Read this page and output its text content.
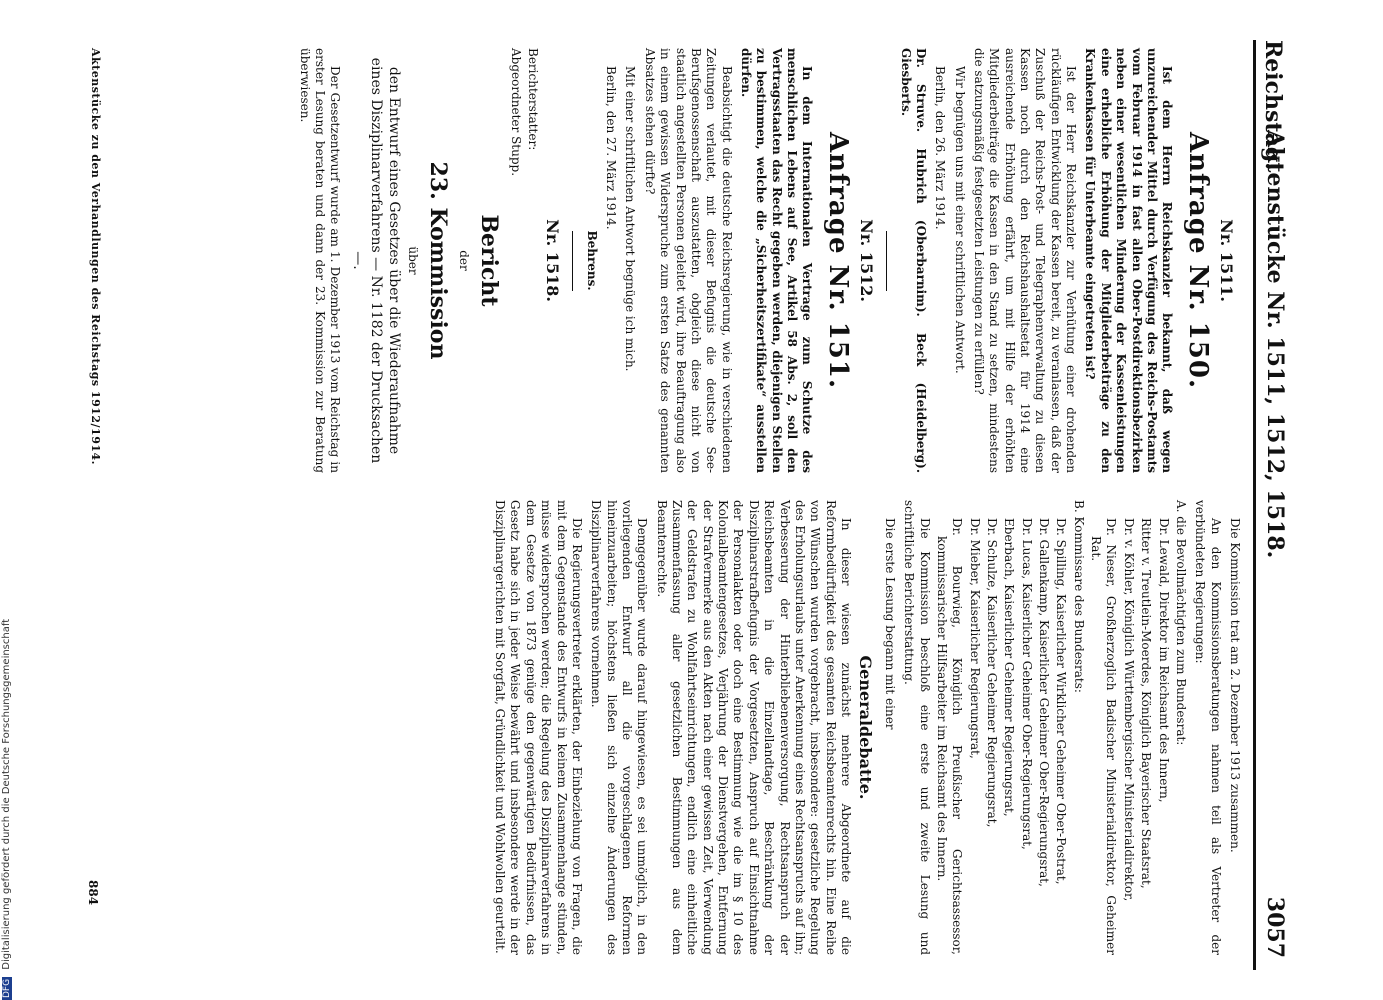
Reichstag.
Aktenstücke Nr. 1511, 1512, 1518.
3057
Nr. 1511.
Anfrage Nr. 150.

Ist dem Herrn Reichskanzler bekannt, daß wegen unzureichender Mittel durch Verfügung des Reichs-Postamts vom Februar 1914 in fast allen Ober-Postdirektionsbezirken neben einer wesentlichen Minderung der Kassenleistungen eine erhebliche Erhöhung der Mitgliederbeiträge zu den Krankenkassen für Unterbeamte eingetreten ist?

Ist der Herr Reichskanzler zur Verhütung einer drohenden rückläufigen Entwicklung der Kassen bereit, zu veranlassen, daß der Zuschuß der Reichs-Post- und Telegraphenverwaltung zu diesen Kassen noch durch den Reichshaushaltsetat für 1914 eine ausreichende Erhöhung erfährt, um mit Hilfe der erhöhten Mitgliederbeiträge die Kassen in den Stand zu setzen, mindestens die satzungsmäßig festgesetzten Leistungen zu erfüllen?

Wir begnügen uns mit einer schriftlichen Antwort.

Berlin, den 26. März 1914.

Dr. Struve. Hubrich (Oberbarnim). Beck (Heidelberg). Giesberts.

Nr. 1512.
Anfrage Nr. 151.

In dem Internationalen Vertrage zum Schutze des menschlichen Lebens auf See, Artikel 58 Abs. 2, soll den Vertragsstaaten das Recht gegeben werden, diejenigen Stellen zu bestimmen, welche die „Sicherheitszertifikate“ ausstellen dürfen.

Beabsichtigt die deutsche Reichsregierung, wie in verschiedenen Zeitungen verlautet, mit dieser Befugnis die deutsche See-Berufsgenossenschaft auszustatten, obgleich diese nicht von staatlich angestellten Personen geleitet wird, ihre Beauftragung also in einem gewissen Widerspruche zum ersten Satze des genannten Absatzes stehen dürfte?

Mit einer schriftlichen Antwort begnüge ich mich.

Berlin, den 27. März 1914.

Behrens.

Nr. 1518.

Berichterstatter:

Abgeordneter Stupp.

Bericht
der
23. Kommission
über

den Entwurf eines Gesetzes über die Wiederaufnahme eines Disziplinarverfahrens — Nr. 1182 der Drucksachen —.

Der Gesetzentwurf wurde am 1. Dezember 1913 vom Reichstag in erster Lesung beraten und dann der 23. Kommission zur Beratung überwiesen.

Die Kommission trat am 2. Dezember 1913 zusammen.

An den Kommissionsberatungen nahmen teil als Vertreter der verbündeten Regierungen:

A. die Bevollmächtigten zum Bundesrat:

Dr. Lewald, Direktor im Reichsamt des Innern,

Ritter v. Treutlein-Moerdes, Königlich Bayerischer Staatsrat,

Dr. v. Köhler, Königlich Württembergischer Ministerialdirektor,

Dr. Nieser, Großherzoglich Badischer Ministerialdirektor, Geheimer Rat.

B. Kommissare des Bundesrats:

Dr. Spilling, Kaiserlicher Wirklicher Geheimer Ober-Postrat,

Dr. Gallenkamp, Kaiserlicher Geheimer Ober-Regierungsrat,

Dr. Lucas, Kaiserlicher Geheimer Ober-Regierungsrat,

Eberbach, Kaiserlicher Geheimer Regierungsrat,

Dr. Schulze, Kaiserlicher Geheimer Regierungsrat,

Dr. Mieber, Kaiserlicher Regierungsrat,

Dr. Bourwieg, Königlich Preußischer Gerichtsassessor, kommissarischer Hilfsarbeiter im Reichsamt des Innern.

Die Kommission beschloß eine erste und zweite Lesung und schriftliche Berichterstattung.

Die erste Lesung begann mit einer

Generaldebatte.

In dieser wiesen zunächst mehrere Abgeordnete auf die Reformbedürftigkeit des gesamten Reichsbeamtenrechts hin. Eine Reihe von Wünschen wurden vorgebracht, insbesondere: gesetzliche Regelung des Erholungsurlaubs unter Anerkennung eines Rechtsanspruchs auf ihn; Verbesserung der Hinterbliebenenversorgung, Rechtsanspruch der Reichsbeamten in die Einzellandtage, Beschränkung der Disziplinarstrafbefugnis der Vorgesetzten, Anspruch auf Einsichtnahme der Personalakten oder doch eine Bestimmung wie die im § 10 des Kolonialbeamtengesetzes, Verjährung der Dienstvergehen, Entfernung der Strafvermerke aus den Akten nach einer gewissen Zeit, Verwendung der Geldstrafen zu Wohlfahrtseinrichtungen, endlich eine einheitliche Zusammenfassung aller gesetzlichen Bestimmungen aus dem Beamtenrechte.

Demgegenüber wurde darauf hingewiesen, es sei unmöglich, in den vorliegenden Entwurf all die vorgeschlagenen Reformen hineinzuarbeiten; höchstens ließen sich einzelne Änderungen des Disziplinarverfahrens vornehmen.

Die Regierungsvertreter erklärten, der Einbeziehung von Fragen, die mit dem Gegenstande des Entwurfs in keinem Zusammenhange stünden, müsse widersprochen werden; die Regelung des Disziplinarverfahrens in dem Gesetze von 1873 genüge den gegenwärtigen Bedürfnissen, das Gesetz habe sich in jeder Weise bewährt und insbesondere werde in der Disziplinargerichten mit Sorgfalt, Gründlichkeit und Wohlwollen geurteilt.

Aktenstücke zu den Verhandlungen des Reichstags 1912/1914.
884
DFG Digitalisierung gefördert durch die Deutsche Forschungsgemeinschaft
